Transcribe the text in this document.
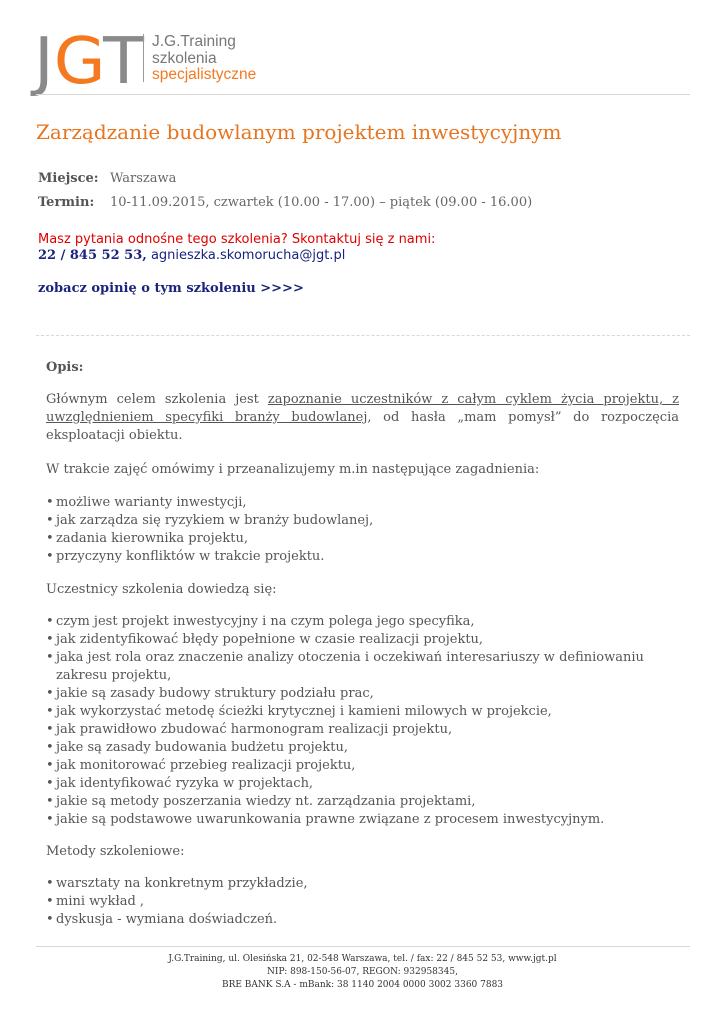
JGT J.G.Training
szkolenia
specjalistyczne
Zarządzanie budowlanym projektem inwestycyjnym
Miejsce: Warszawa
Termin: 10-11.09.2015, czwartek (10.00 - 17.00) – piątek (09.00 - 16.00)
Masz pytania odnośne tego szkolenia? Skontaktuj się z nami:
22 / 845 52 53, agnieszka.skomorucha@jgt.pl
zobacz opinię o tym szkoleniu >>>>
Opis:
Głównym celem szkolenia jest zapoznanie uczestników z całym cyklem życia projektu, z uwzględnieniem specyfiki branży budowlanej, od hasła „mam pomysł” do rozpoczęcia eksploatacji obiektu.
W trakcie zajęć omówimy i przeanalizujemy m.in następujące zagadnienia:
• możliwe warianty inwestycji,
• jak zarządza się ryzykiem w branży budowlanej,
• zadania kierownika projektu,
• przyczyny konfliktów w trakcie projektu.
Uczestnicy szkolenia dowiedzą się:
• czym jest projekt inwestycyjny i na czym polega jego specyfika,
• jak zidentyfikować błędy popełnione w czasie realizacji projektu,
• jaka jest rola oraz znaczenie analizy otoczenia i oczekiwań interesariuszy w definiowaniu zakresu projektu,
• jakie są zasady budowy struktury podziału prac,
• jak wykorzystać metodę ścieżki krytycznej i kamieni milowych w projekcie,
• jak prawidłowo zbudować harmonogram realizacji projektu,
• jake są zasady budowania budżetu projektu,
• jak monitorować przebieg realizacji projektu,
• jak identyfikować ryzyka w projektach,
• jakie są metody poszerzania wiedzy nt. zarządzania projektami,
• jakie są podstawowe uwarunkowania prawne związane z procesem inwestycyjnym.
Metody szkoleniowe:
• warsztaty na konkretnym przykładzie,
• mini wykład ,
• dyskusja - wymiana doświadczeń.
J.G.Training, ul. Olesińska 21, 02-548 Warszawa, tel. / fax: 22 / 845 52 53, www.jgt.pl
NIP: 898-150-56-07, REGON: 932958345,
BRE BANK S.A - mBank: 38 1140 2004 0000 3002 3360 7883
